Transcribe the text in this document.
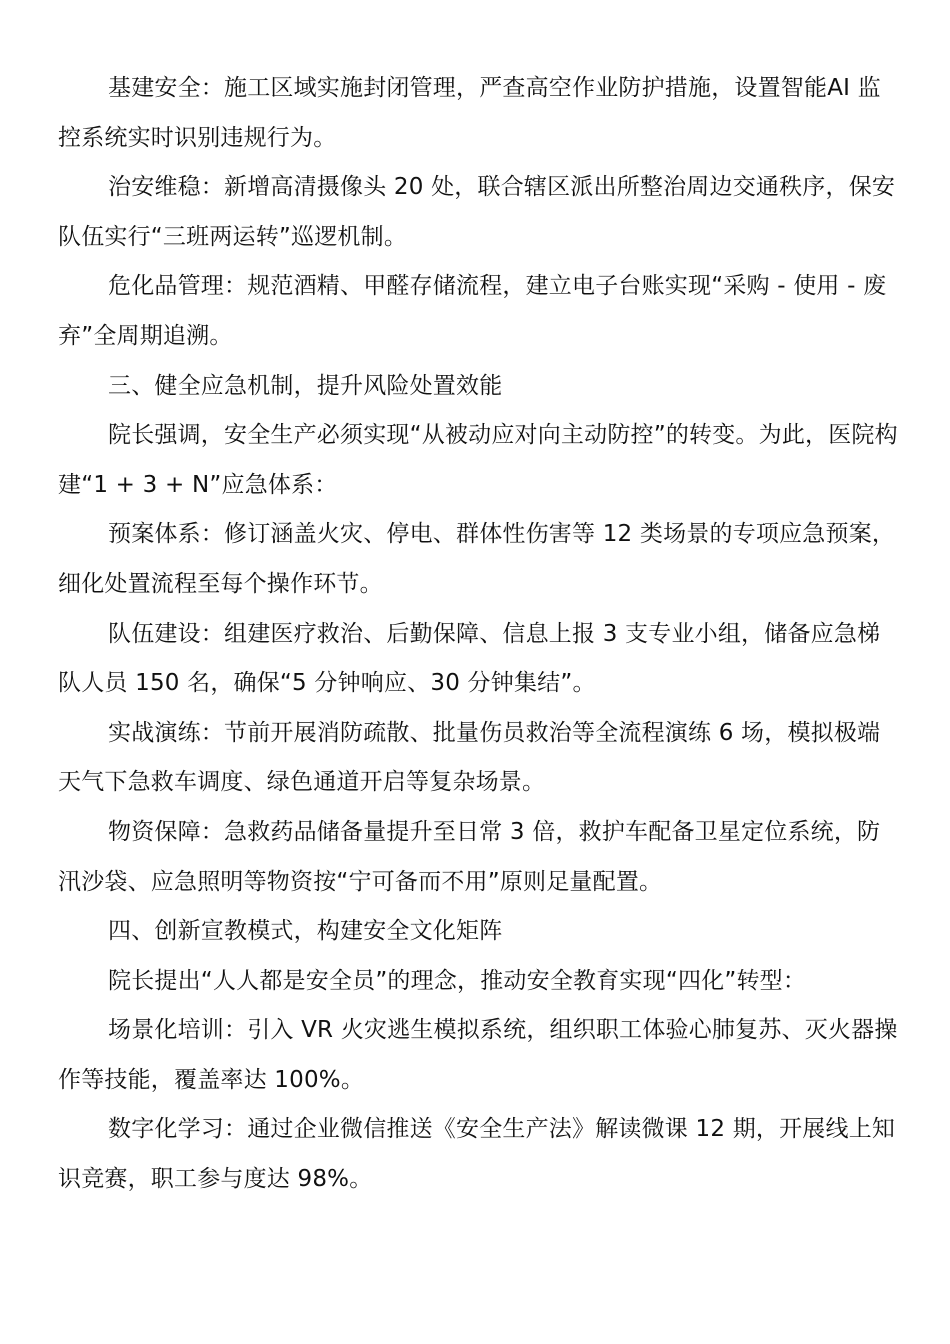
基建安全：施工区域实施封闭管理，严查高空作业防护措施，设置智能AI 监控系统实时识别违规行为。

治安维稳：新增高清摄像头 20 处，联合辖区派出所整治周边交通秩序，保安队伍实行“三班两运转”巡逻机制。

危化品管理：规范酒精、甲醛存储流程，建立电子台账实现“采购 - 使用 - 废弃”全周期追溯。

三、健全应急机制，提升风险处置效能

院长强调，安全生产必须实现“从被动应对向主动防控”的转变。为此，医院构建“1 + 3 + N”应急体系：

预案体系：修订涵盖火灾、停电、群体性伤害等 12 类场景的专项应急预案，细化处置流程至每个操作环节。

队伍建设：组建医疗救治、后勤保障、信息上报 3 支专业小组，储备应急梯队人员 150 名，确保“5 分钟响应、30 分钟集结”。

实战演练：节前开展消防疏散、批量伤员救治等全流程演练 6 场，模拟极端天气下急救车调度、绿色通道开启等复杂场景。

物资保障：急救药品储备量提升至日常 3 倍，救护车配备卫星定位系统，防汛沙袋、应急照明等物资按“宁可备而不用”原则足量配置。

四、创新宣教模式，构建安全文化矩阵

院长提出“人人都是安全员”的理念，推动安全教育实现“四化”转型：

场景化培训：引入 VR 火灾逃生模拟系统，组织职工体验心肺复苏、灭火器操作等技能，覆盖率达 100%。

数字化学习：通过企业微信推送《安全生产法》解读微课 12 期，开展线上知识竞赛，职工参与度达 98%。
